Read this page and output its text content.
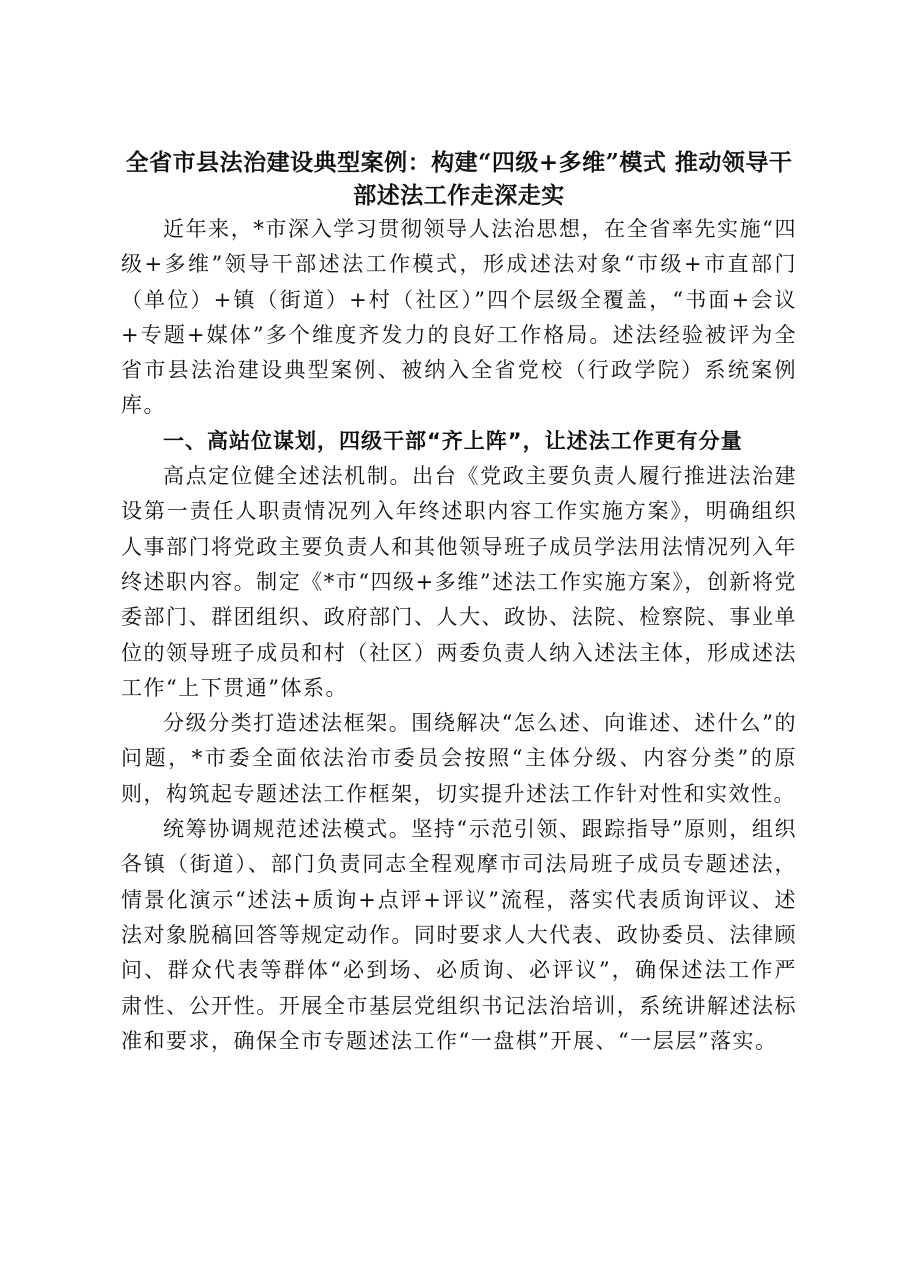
全省市县法治建设典型案例：构建“四级+多维”模式 推动领导干部述法工作走深走实

近年来，*市深入学习贯彻领导人法治思想，在全省率先实施“四级+多维”领导干部述法工作模式，形成述法对象“市级+市直部门（单位）+镇（街道）+村（社区）”四个层级全覆盖，“书面+会议+专题+媒体”多个维度齐发力的良好工作格局。述法经验被评为全省市县法治建设典型案例、被纳入全省党校（行政学院）系统案例库。

一、高站位谋划，四级干部“齐上阵”，让述法工作更有分量

高点定位健全述法机制。出台《党政主要负责人履行推进法治建设第一责任人职责情况列入年终述职内容工作实施方案》，明确组织人事部门将党政主要负责人和其他领导班子成员学法用法情况列入年终述职内容。制定《*市“四级+多维”述法工作实施方案》，创新将党委部门、群团组织、政府部门、人大、政协、法院、检察院、事业单位的领导班子成员和村（社区）两委负责人纳入述法主体，形成述法工作“上下贯通”体系。

分级分类打造述法框架。围绕解决“怎么述、向谁述、述什么”的问题，*市委全面依法治市委员会按照“主体分级、内容分类”的原则，构筑起专题述法工作框架，切实提升述法工作针对性和实效性。

统筹协调规范述法模式。坚持“示范引领、跟踪指导”原则，组织各镇（街道）、部门负责同志全程观摩市司法局班子成员专题述法，情景化演示“述法+质询+点评+评议”流程，落实代表质询评议、述法对象脱稿回答等规定动作。同时要求人大代表、政协委员、法律顾问、群众代表等群体“必到场、必质询、必评议”，确保述法工作严肃性、公开性。开展全市基层党组织书记法治培训，系统讲解述法标准和要求，确保全市专题述法工作“一盘棋”开展、“一层层”落实。
